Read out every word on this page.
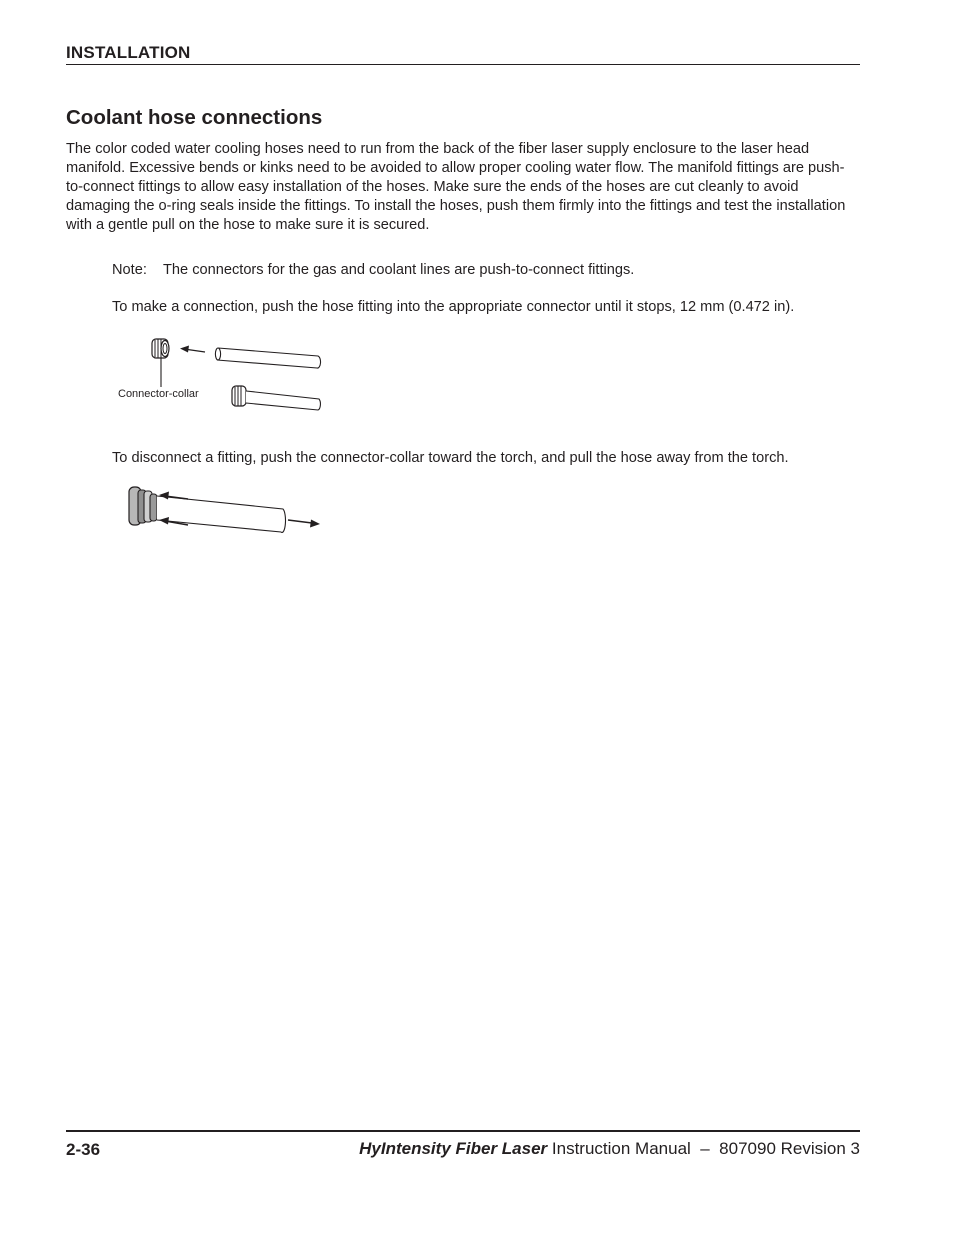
INSTALLATION
Coolant hose connections

The color coded water cooling hoses need to run from the back of the fiber laser supply enclosure to the laser head manifold. Excessive bends or kinks need to be avoided to allow proper cooling water flow. The manifold fittings are push-to-connect fittings to allow easy installation of the hoses. Make sure the ends of the hoses are cut cleanly to avoid damaging the o-ring seals inside the fittings. To install the hoses, push them firmly into the fittings and test the installation with a gentle pull on the hose to make sure it is secured.

Note: The connectors for the gas and coolant lines are push-to-connect fittings.

To make a connection, push the hose fitting into the appropriate connector until it stops, 12 mm (0.472 in).

Connector-collar

To disconnect a fitting, push the connector-collar toward the torch, and pull the hose away from the torch.

2-36	HyIntensity Fiber Laser Instruction Manual – 807090 Revision 3
